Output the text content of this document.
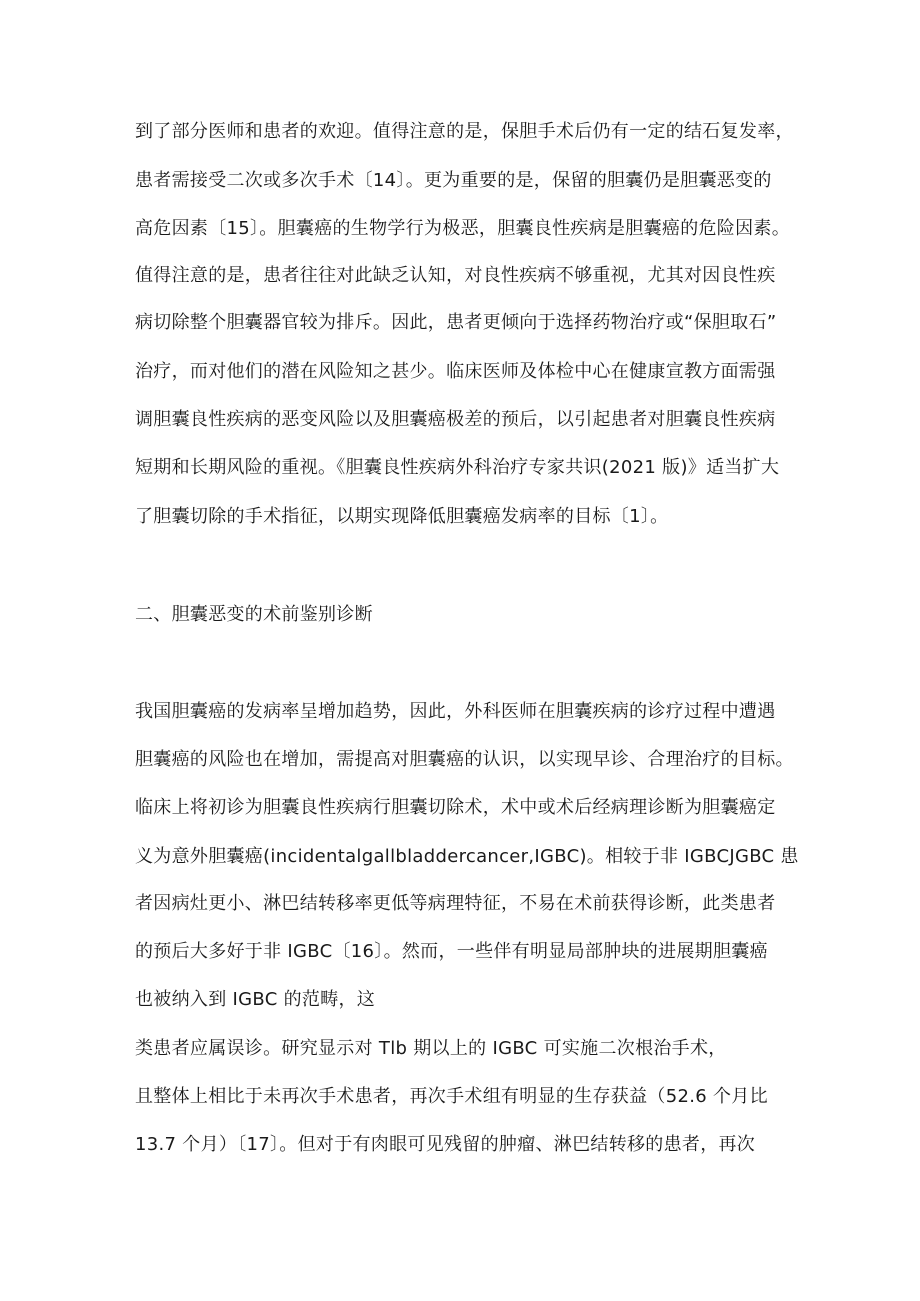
到了部分医师和患者的欢迎。值得注意的是，保胆手术后仍有一定的结石复发率，
患者需接受二次或多次手术〔14〕。更为重要的是，保留的胆囊仍是胆囊恶变的
高危因素〔15〕。胆囊癌的生物学行为极恶，胆囊良性疾病是胆囊癌的危险因素。
值得注意的是，患者往往对此缺乏认知，对良性疾病不够重视，尤其对因良性疾
病切除整个胆囊器官较为排斥。因此，患者更倾向于选择药物治疗或“保胆取石”
治疗，而对他们的潜在风险知之甚少。临床医师及体检中心在健康宣教方面需强
调胆囊良性疾病的恶变风险以及胆囊癌极差的预后，以引起患者对胆囊良性疾病
短期和长期风险的重视。《胆囊良性疾病外科治疗专家共识(2021 版)》适当扩大
了胆囊切除的手术指征，以期实现降低胆囊癌发病率的目标〔1〕。
二、胆囊恶变的术前鉴别诊断
我国胆囊癌的发病率呈增加趋势，因此，外科医师在胆囊疾病的诊疗过程中遭遇
胆囊癌的风险也在增加，需提高对胆囊癌的认识，以实现早诊、合理治疗的目标。
临床上将初诊为胆囊良性疾病行胆囊切除术，术中或术后经病理诊断为胆囊癌定
义为意外胆囊癌(incidentalgallbladdercancer,IGBC)。相较于非 IGBCJGBC 患
者因病灶更小、淋巴结转移率更低等病理特征，不易在术前获得诊断，此类患者
的预后大多好于非 IGBC〔16〕。然而，一些伴有明显局部肿块的进展期胆囊癌
也被纳入到 IGBC 的范畴，这
类患者应属误诊。研究显示对 Tlb 期以上的 IGBC 可实施二次根治手术，
且整体上相比于未再次手术患者，再次手术组有明显的生存获益（52.6 个月比
13.7 个月）〔17〕。但对于有肉眼可见残留的肿瘤、淋巴结转移的患者，再次
